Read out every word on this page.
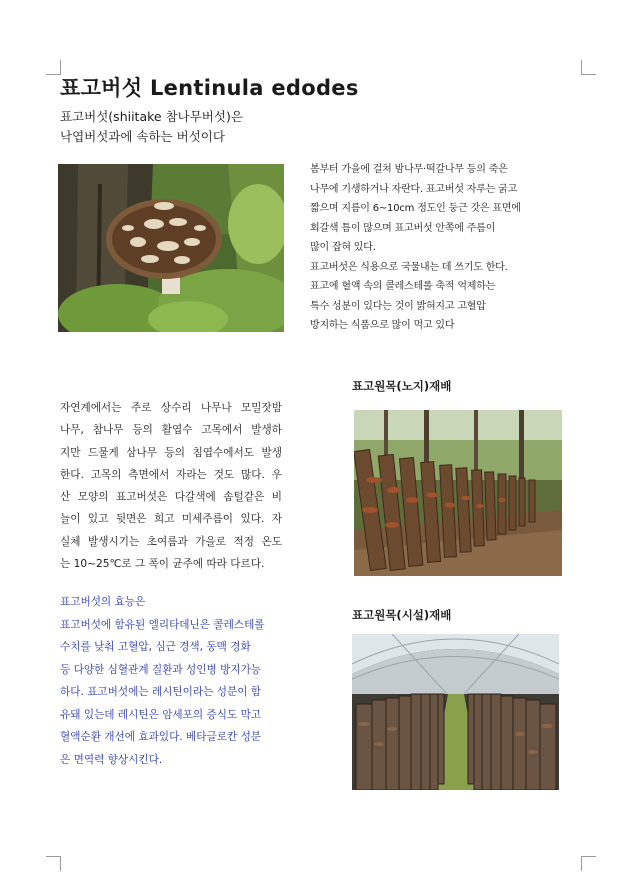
표고버섯 Lentinula edodes
표고버섯(shiitake 참나무버섯)은
낙엽버섯과에 속하는 버섯이다
봄부터 가을에 걸쳐 밤나무·떡갈나무 등의 죽은
나무에 기생하거나 자란다. 표고버섯 자루는 굵고
짧으며 지름이 6~10cm 정도인 둥근 갓은 표면에
회갈색 틈이 많으며 표고버섯 안쪽에 주름이
많이 잡혀 있다.
표고버섯은 식용으로 국물내는 데 쓰기도 한다.
표고에 혈액 속의 콜레스테롤 축적 억제하는
특수 성분이 있다는 것이 밝혀지고 고혈압
방지하는 식품으로 많이 먹고 있다
자연계에서는 주로 상수리 나무나 모밀잣밤
나무, 참나무 등의 활엽수 고목에서 발생하
지만 드물게 삼나무 등의 침엽수에서도 발생
한다. 고목의 측면에서 자라는 것도 많다. 우
산 모양의 표고버섯은 다갈색에 솜털같은 비
늘이 있고 뒷면은 희고 미세주름이 있다. 자
실체 발생시기는 초여름과 가을로 적정 온도
는 10~25℃로 그 폭이 균주에 따라 다르다.
표고버섯의 효능은
표고버섯에 함유된 엘리타데닌은 콜레스테롤
수치를 낮춰 고혈압, 심근 경색, 동맥 경화
등 다양한 심혈관계 질환과 성인병 방지가능
하다. 표고버섯에는 레시틴이라는 성분이 함
유돼 있는데 레시틴은 암세포의 증식도 막고
혈액순환 개선에 효과있다. 베타글로칸 성분
은 면역력 향상시킨다.
표고원목(노지)재배
표고원목(시설)재배
